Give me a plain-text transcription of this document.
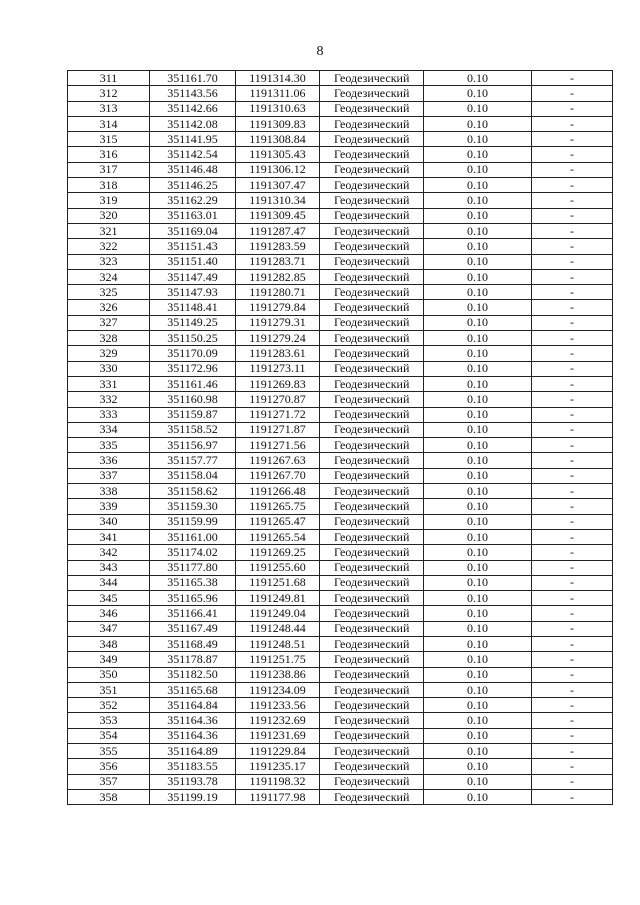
8
311	351161.70	1191314.30	Геодезический	0.10	-
312	351143.56	1191311.06	Геодезический	0.10	-
313	351142.66	1191310.63	Геодезический	0.10	-
314	351142.08	1191309.83	Геодезический	0.10	-
315	351141.95	1191308.84	Геодезический	0.10	-
316	351142.54	1191305.43	Геодезический	0.10	-
317	351146.48	1191306.12	Геодезический	0.10	-
318	351146.25	1191307.47	Геодезический	0.10	-
319	351162.29	1191310.34	Геодезический	0.10	-
320	351163.01	1191309.45	Геодезический	0.10	-
321	351169.04	1191287.47	Геодезический	0.10	-
322	351151.43	1191283.59	Геодезический	0.10	-
323	351151.40	1191283.71	Геодезический	0.10	-
324	351147.49	1191282.85	Геодезический	0.10	-
325	351147.93	1191280.71	Геодезический	0.10	-
326	351148.41	1191279.84	Геодезический	0.10	-
327	351149.25	1191279.31	Геодезический	0.10	-
328	351150.25	1191279.24	Геодезический	0.10	-
329	351170.09	1191283.61	Геодезический	0.10	-
330	351172.96	1191273.11	Геодезический	0.10	-
331	351161.46	1191269.83	Геодезический	0.10	-
332	351160.98	1191270.87	Геодезический	0.10	-
333	351159.87	1191271.72	Геодезический	0.10	-
334	351158.52	1191271.87	Геодезический	0.10	-
335	351156.97	1191271.56	Геодезический	0.10	-
336	351157.77	1191267.63	Геодезический	0.10	-
337	351158.04	1191267.70	Геодезический	0.10	-
338	351158.62	1191266.48	Геодезический	0.10	-
339	351159.30	1191265.75	Геодезический	0.10	-
340	351159.99	1191265.47	Геодезический	0.10	-
341	351161.00	1191265.54	Геодезический	0.10	-
342	351174.02	1191269.25	Геодезический	0.10	-
343	351177.80	1191255.60	Геодезический	0.10	-
344	351165.38	1191251.68	Геодезический	0.10	-
345	351165.96	1191249.81	Геодезический	0.10	-
346	351166.41	1191249.04	Геодезический	0.10	-
347	351167.49	1191248.44	Геодезический	0.10	-
348	351168.49	1191248.51	Геодезический	0.10	-
349	351178.87	1191251.75	Геодезический	0.10	-
350	351182.50	1191238.86	Геодезический	0.10	-
351	351165.68	1191234.09	Геодезический	0.10	-
352	351164.84	1191233.56	Геодезический	0.10	-
353	351164.36	1191232.69	Геодезический	0.10	-
354	351164.36	1191231.69	Геодезический	0.10	-
355	351164.89	1191229.84	Геодезический	0.10	-
356	351183.55	1191235.17	Геодезический	0.10	-
357	351193.78	1191198.32	Геодезический	0.10	-
358	351199.19	1191177.98	Геодезический	0.10	-
